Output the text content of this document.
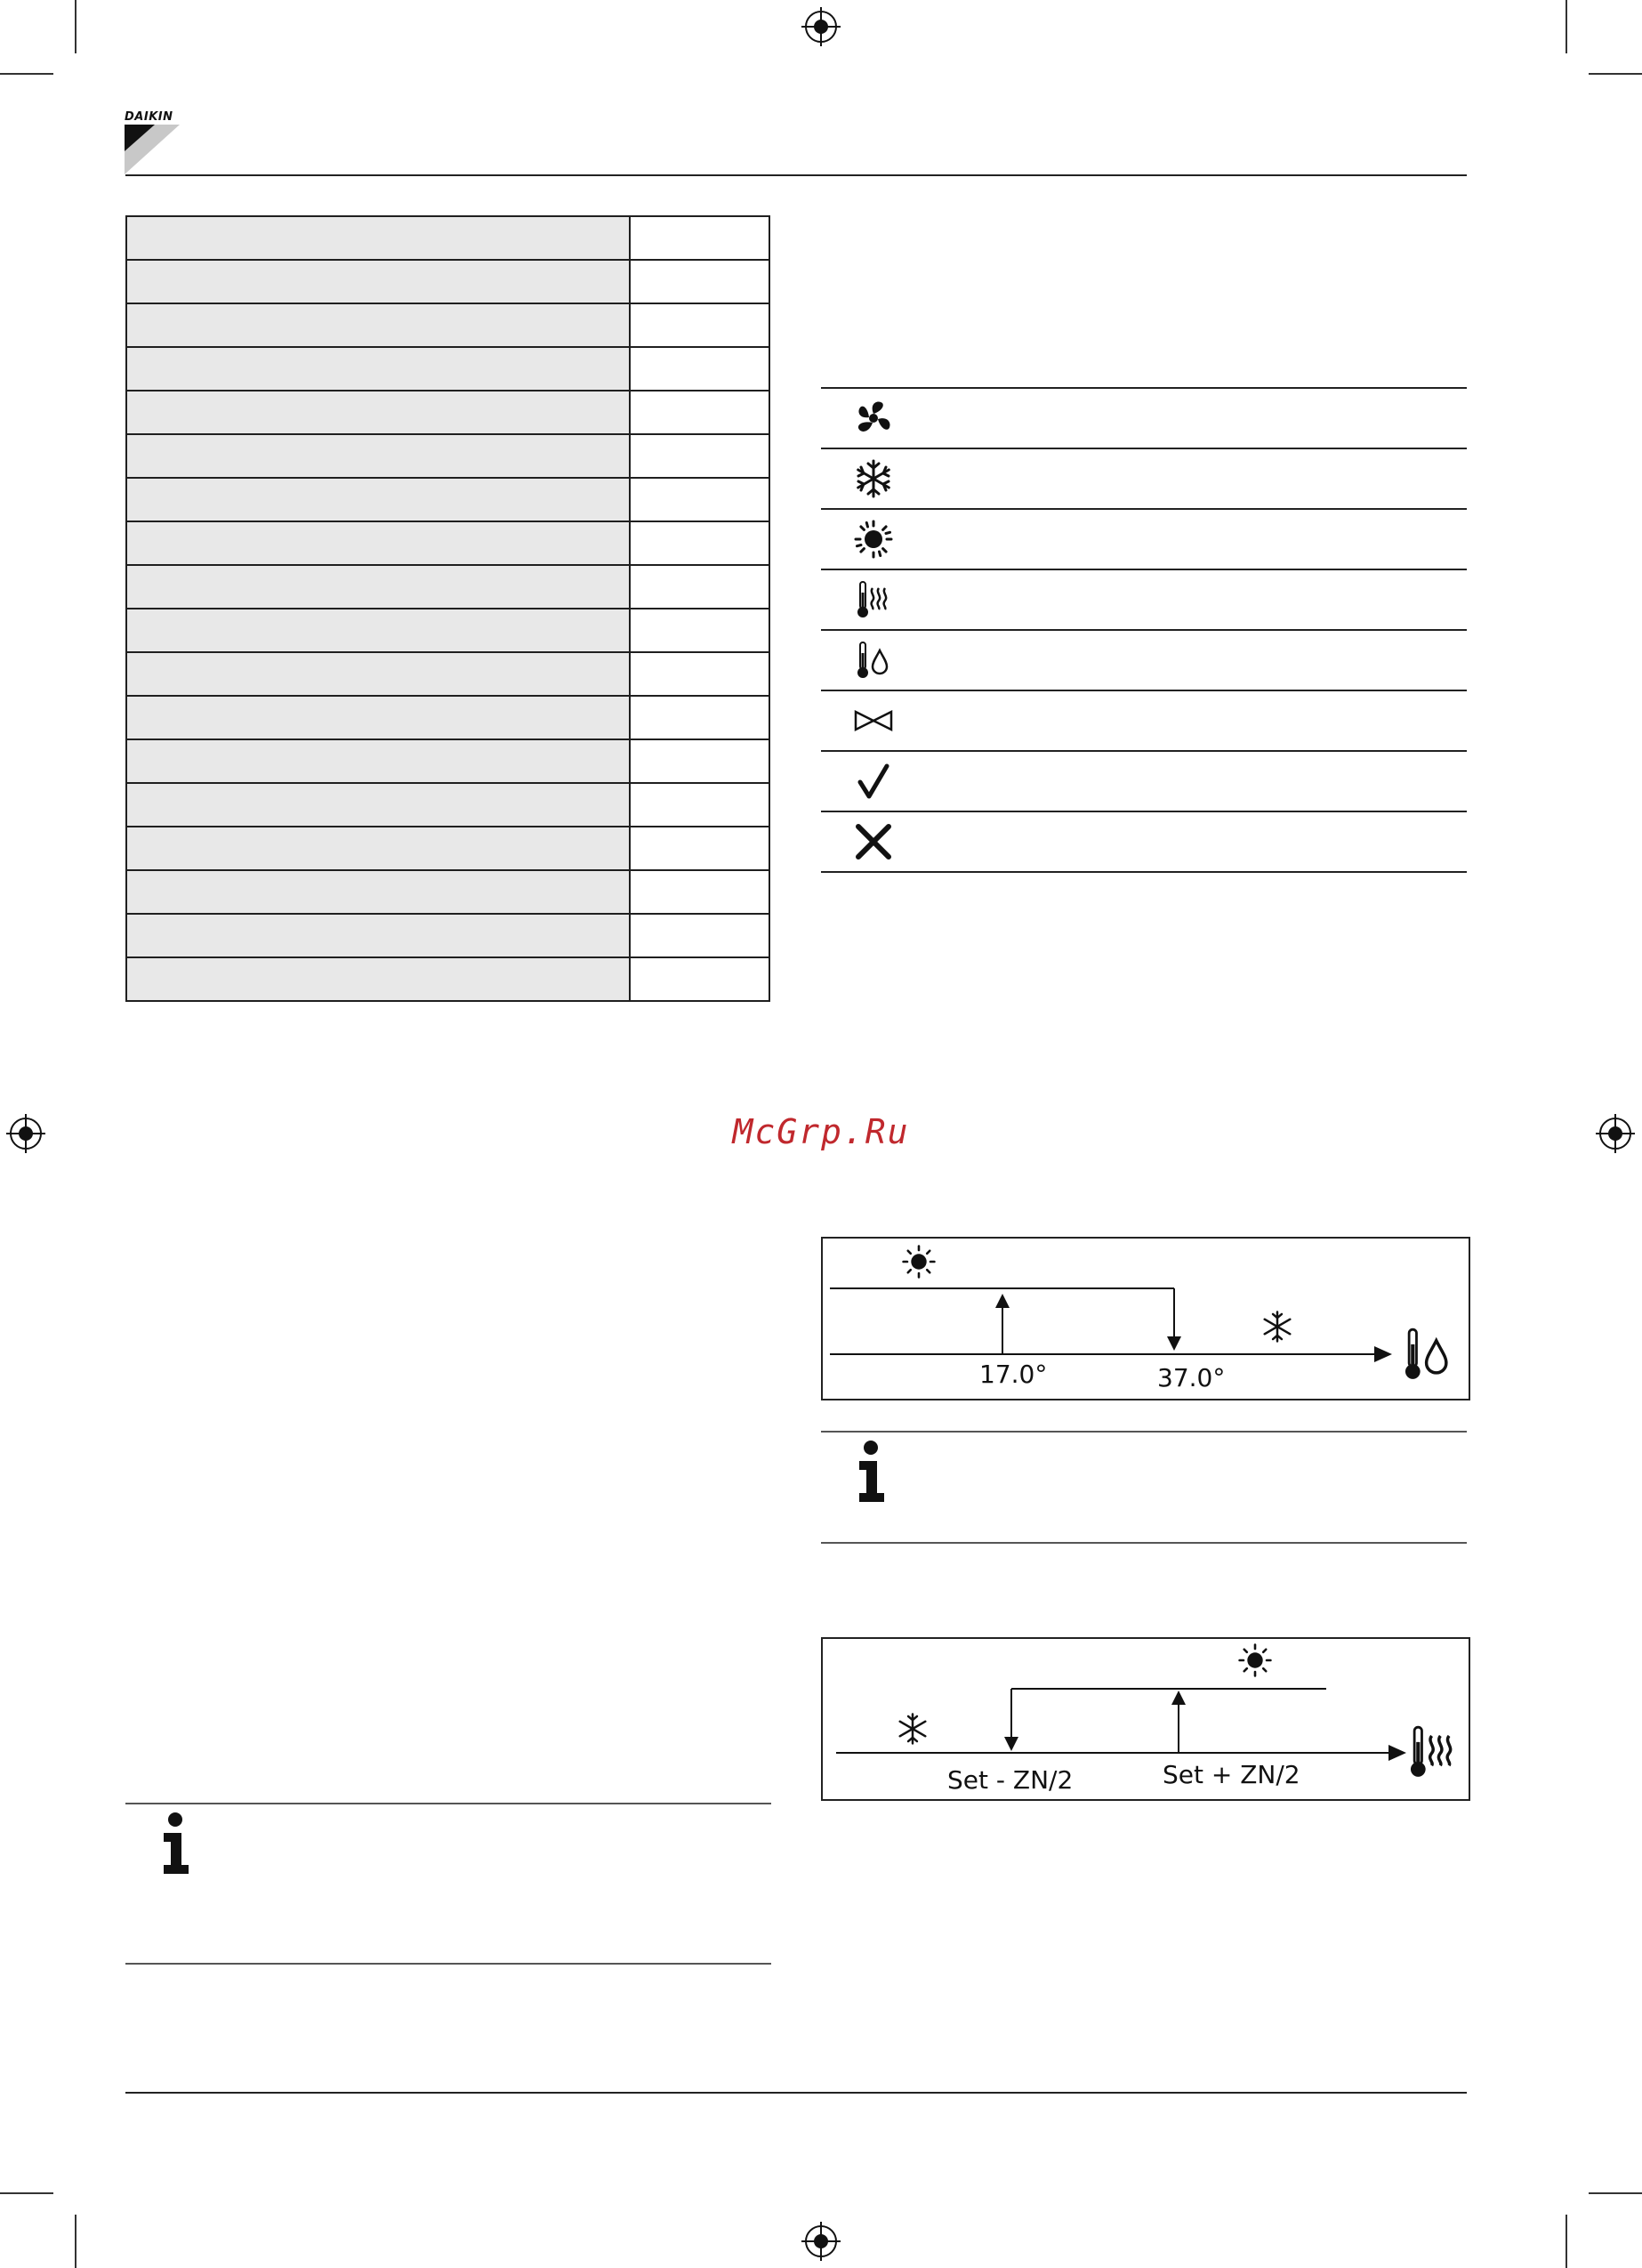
DAIKIN

McGrp.Ru
17.0°	37.0°
Set - ZN/2	Set + ZN/2
